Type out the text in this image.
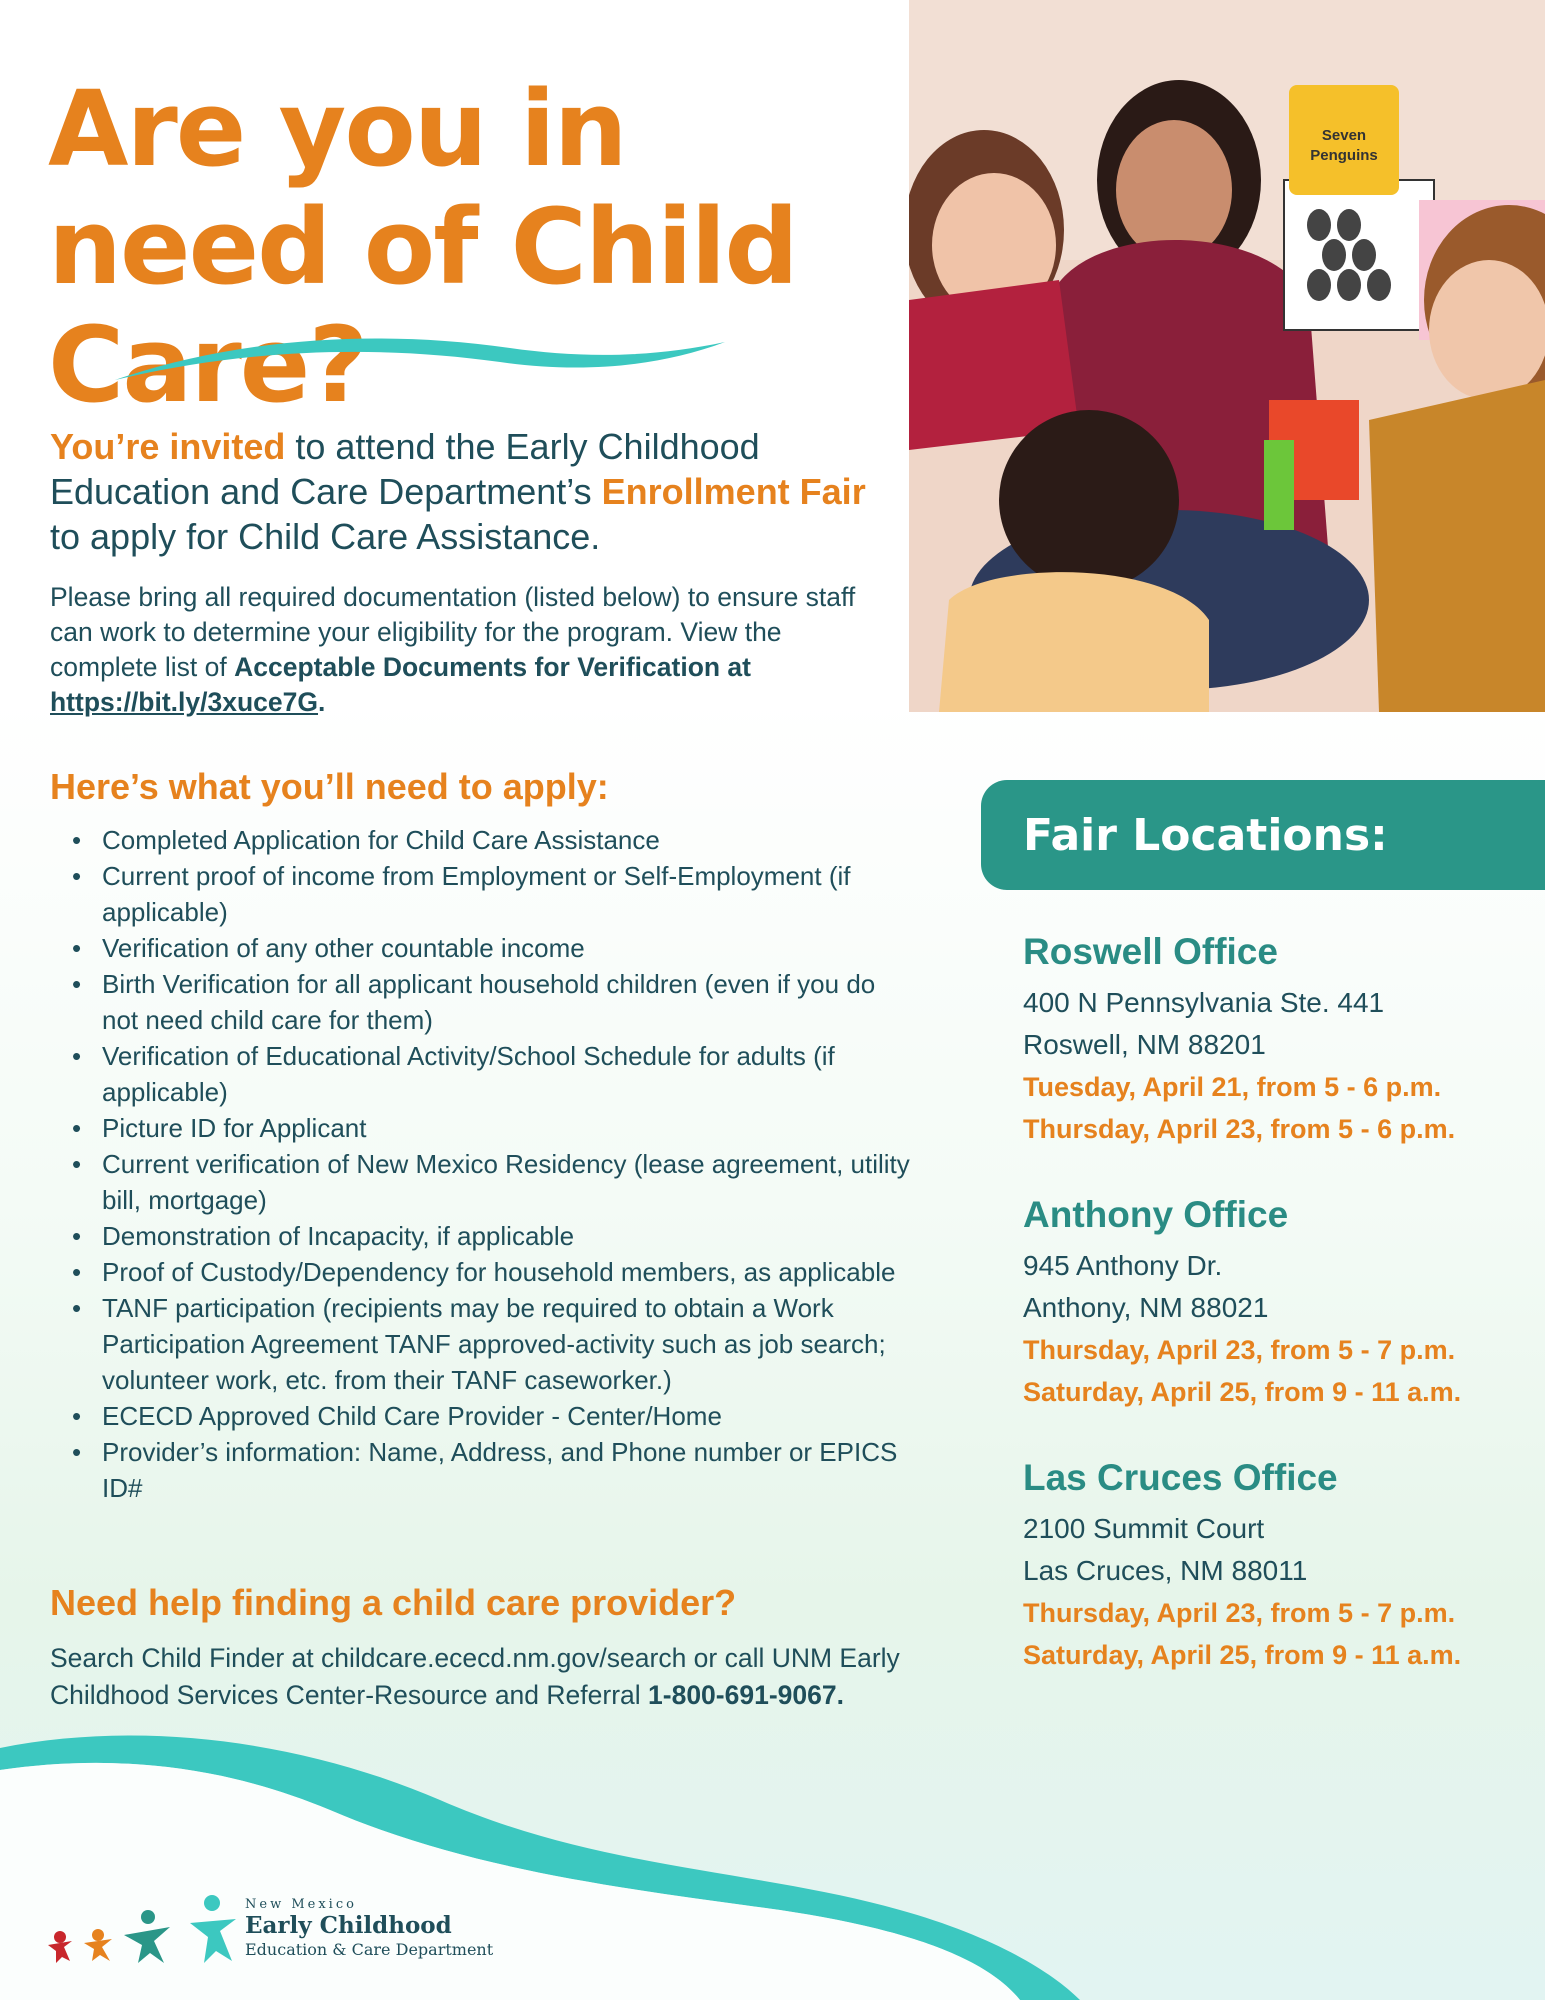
Are you in need of Child Care?
Seven
Penguins

You’re invited to attend the Early Childhood Education and Care Department’s Enrollment Fair to apply for Child Care Assistance.

Please bring all required documentation (listed below) to ensure staff can work to determine your eligibility for the program. View the complete list of Acceptable Documents for Verification at https://bit.ly/3xuce7G.

Here’s what you’ll need to apply:
• Completed Application for Child Care Assistance
• Current proof of income from Employment or Self-Employment (if applicable)
• Verification of any other countable income
• Birth Verification for all applicant household children (even if you do not need child care for them)
• Verification of Educational Activity/School Schedule for adults (if applicable)
• Picture ID for Applicant
• Current verification of New Mexico Residency (lease agreement, utility bill, mortgage)
• Demonstration of Incapacity, if applicable
• Proof of Custody/Dependency for household members, as applicable
• TANF participation (recipients may be required to obtain a Work Participation Agreement TANF approved-activity such as job search; volunteer work, etc. from their TANF caseworker.)
• ECECD Approved Child Care Provider - Center/Home
• Provider’s information: Name, Address, and Phone number or EPICS ID#
Need help finding a child care provider?

Search Child Finder at childcare.ececd.nm.gov/search or call UNM Early Childhood Services Center-Resource and Referral 1-800-691-9067.

Fair Locations:

Roswell Office

400 N Pennsylvania Ste. 441

Roswell, NM 88201

Tuesday, April 21, from 5 - 6 p.m.

Thursday, April 23, from 5 - 6 p.m.

Anthony Office

945 Anthony Dr.

Anthony, NM 88021

Thursday, April 23, from 5 - 7 p.m.

Saturday, April 25, from 9 - 11 a.m.

Las Cruces Office

2100 Summit Court

Las Cruces, NM 88011

Thursday, April 23, from 5 - 7 p.m.

Saturday, April 25, from 9 - 11 a.m.

New Mexico

Early Childhood

Education & Care Department
